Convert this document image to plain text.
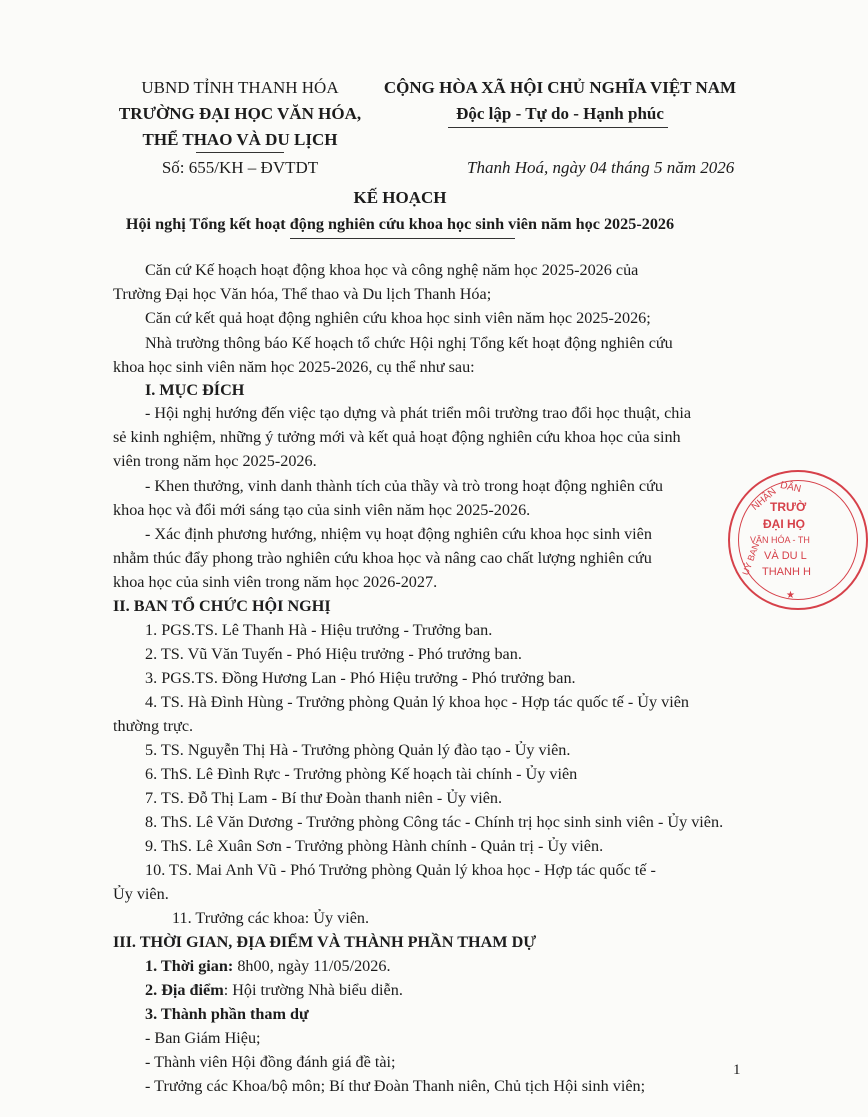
UBND TỈNH THANH HÓA
TRƯỜNG ĐẠI HỌC VĂN HÓA,
THỂ THAO VÀ DU LỊCH
Số: 655/KH – ĐVTDT
CỘNG HÒA XÃ HỘI CHỦ NGHĨA VIỆT NAM
Độc lập - Tự do - Hạnh phúc
Thanh Hoá, ngày 04 tháng 5 năm 2026
KẾ HOẠCH
Hội nghị Tổng kết hoạt động nghiên cứu khoa học sinh viên năm học 2025-2026
Căn cứ Kế hoạch hoạt động khoa học và công nghệ năm học 2025-2026 của
Trường Đại học Văn hóa, Thể thao và Du lịch Thanh Hóa;
Căn cứ kết quả hoạt động nghiên cứu khoa học sinh viên năm học 2025-2026;
Nhà trường thông báo Kế hoạch tổ chức Hội nghị Tổng kết hoạt động nghiên cứu
khoa học sinh viên năm học 2025-2026, cụ thể như sau:
I. MỤC ĐÍCH
- Hội nghị hướng đến việc tạo dựng và phát triển môi trường trao đổi học thuật, chia
sẻ kinh nghiệm, những ý tưởng mới và kết quả hoạt động nghiên cứu khoa học của sinh
viên trong năm học 2025-2026.
- Khen thưởng, vinh danh thành tích của thầy và trò trong hoạt động nghiên cứu
khoa học và đổi mới sáng tạo của sinh viên năm học 2025-2026.
- Xác định phương hướng, nhiệm vụ hoạt động nghiên cứu khoa học sinh viên
nhằm thúc đẩy phong trào nghiên cứu khoa học và nâng cao chất lượng nghiên cứu
khoa học của sinh viên trong năm học 2026-2027.
II. BAN TỔ CHỨC HỘI NGHỊ
1. PGS.TS. Lê Thanh Hà - Hiệu trưởng - Trưởng ban.
2. TS. Vũ Văn Tuyến - Phó Hiệu trưởng - Phó trưởng ban.
3. PGS.TS. Đồng Hương Lan - Phó Hiệu trưởng - Phó trưởng ban.
4. TS. Hà Đình Hùng - Trưởng phòng Quản lý khoa học - Hợp tác quốc tế - Ủy viên
thường trực.
5. TS. Nguyễn Thị Hà - Trưởng phòng Quản lý đào tạo - Ủy viên.
6. ThS. Lê Đình Rực - Trưởng phòng Kế hoạch tài chính - Ủy viên
7. TS. Đỗ Thị Lam - Bí thư Đoàn thanh niên - Ủy viên.
8. ThS. Lê Văn Dương - Trưởng phòng Công tác - Chính trị học sinh sinh viên - Ủy viên.
9. ThS. Lê Xuân Sơn - Trưởng phòng Hành chính - Quản trị - Ủy viên.
10. TS. Mai Anh Vũ - Phó Trưởng phòng Quản lý khoa học - Hợp tác quốc tế -
Ủy viên.
11. Trưởng các khoa: Ủy viên.
III. THỜI GIAN, ĐỊA ĐIỂM VÀ THÀNH PHẦN THAM DỰ
1. Thời gian: 8h00, ngày 11/05/2026.
2. Địa điểm: Hội trường Nhà biểu diễn.
3. Thành phần tham dự
- Ban Giám Hiệu;
- Thành viên Hội đồng đánh giá đề tài;
- Trưởng các Khoa/bộ môn; Bí thư Đoàn Thanh niên, Chủ tịch Hội sinh viên;
DÂN
NHÂN
UỶ BAN
TRƯỜ
ĐẠI HỌ
VĂN HÓA - TH
VÀ DU L
THANH H
★
1
